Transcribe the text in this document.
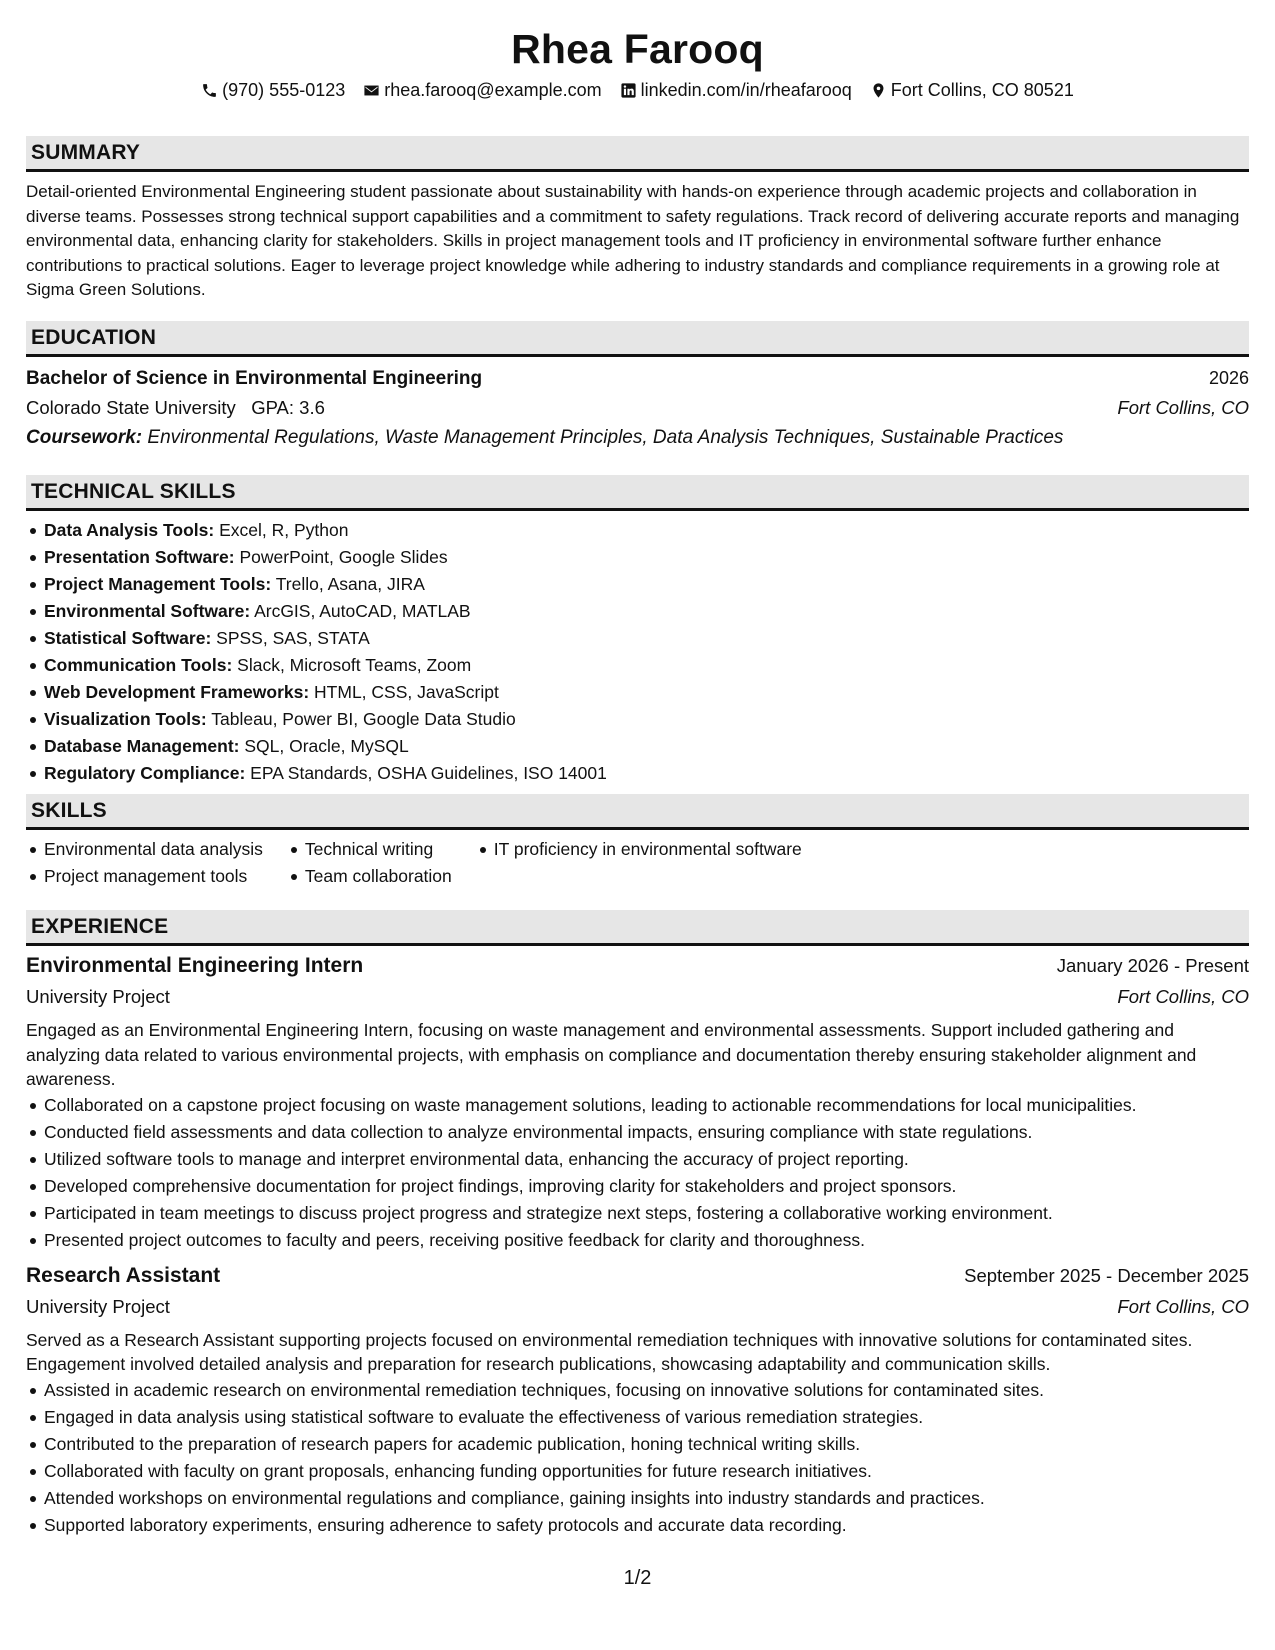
Rhea Farooq
(970) 555-0123 rhea.farooq@example.com linkedin.com/in/rheafarooq Fort Collins, CO 80521
SUMMARY

Detail-oriented Environmental Engineering student passionate about sustainability with hands-on experience through academic projects and collaboration in diverse teams. Possesses strong technical support capabilities and a commitment to safety regulations. Track record of delivering accurate reports and managing environmental data, enhancing clarity for stakeholders. Skills in project management tools and IT proficiency in environmental software further enhance contributions to practical solutions. Eager to leverage project knowledge while adhering to industry standards and compliance requirements in a growing role at Sigma Green Solutions.

EDUCATION
Bachelor of Science in Environmental Engineering	2026
Colorado State University GPA: 3.6	Fort Collins, CO
Coursework: Environmental Regulations, Waste Management Principles, Data Analysis Techniques, Sustainable Practices
TECHNICAL SKILLS
Data Analysis Tools: Excel, R, Python
Presentation Software: PowerPoint, Google Slides
Project Management Tools: Trello, Asana, JIRA
Environmental Software: ArcGIS, AutoCAD, MATLAB
Statistical Software: SPSS, SAS, STATA
Communication Tools: Slack, Microsoft Teams, Zoom
Web Development Frameworks: HTML, CSS, JavaScript
Visualization Tools: Tableau, Power BI, Google Data Studio
Database Management: SQL, Oracle, MySQL
Regulatory Compliance: EPA Standards, OSHA Guidelines, ISO 14001
SKILLS
Environmental data analysis
Project management tools
Technical writing
Team collaboration
IT proficiency in environmental software
EXPERIENCE
Environmental Engineering Intern	January 2026 - Present
University Project	Fort Collins, CO
Engaged as an Environmental Engineering Intern, focusing on waste management and environmental assessments. Support included gathering and analyzing data related to various environmental projects, with emphasis on compliance and documentation thereby ensuring stakeholder alignment and awareness.
Collaborated on a capstone project focusing on waste management solutions, leading to actionable recommendations for local municipalities.
Conducted field assessments and data collection to analyze environmental impacts, ensuring compliance with state regulations.
Utilized software tools to manage and interpret environmental data, enhancing the accuracy of project reporting.
Developed comprehensive documentation for project findings, improving clarity for stakeholders and project sponsors.
Participated in team meetings to discuss project progress and strategize next steps, fostering a collaborative working environment.
Presented project outcomes to faculty and peers, receiving positive feedback for clarity and thoroughness.
Research Assistant	September 2025 - December 2025
University Project	Fort Collins, CO
Served as a Research Assistant supporting projects focused on environmental remediation techniques with innovative solutions for contaminated sites. Engagement involved detailed analysis and preparation for research publications, showcasing adaptability and communication skills.
Assisted in academic research on environmental remediation techniques, focusing on innovative solutions for contaminated sites.
Engaged in data analysis using statistical software to evaluate the effectiveness of various remediation strategies.
Contributed to the preparation of research papers for academic publication, honing technical writing skills.
Collaborated with faculty on grant proposals, enhancing funding opportunities for future research initiatives.
Attended workshops on environmental regulations and compliance, gaining insights into industry standards and practices.
Supported laboratory experiments, ensuring adherence to safety protocols and accurate data recording.
1/2
